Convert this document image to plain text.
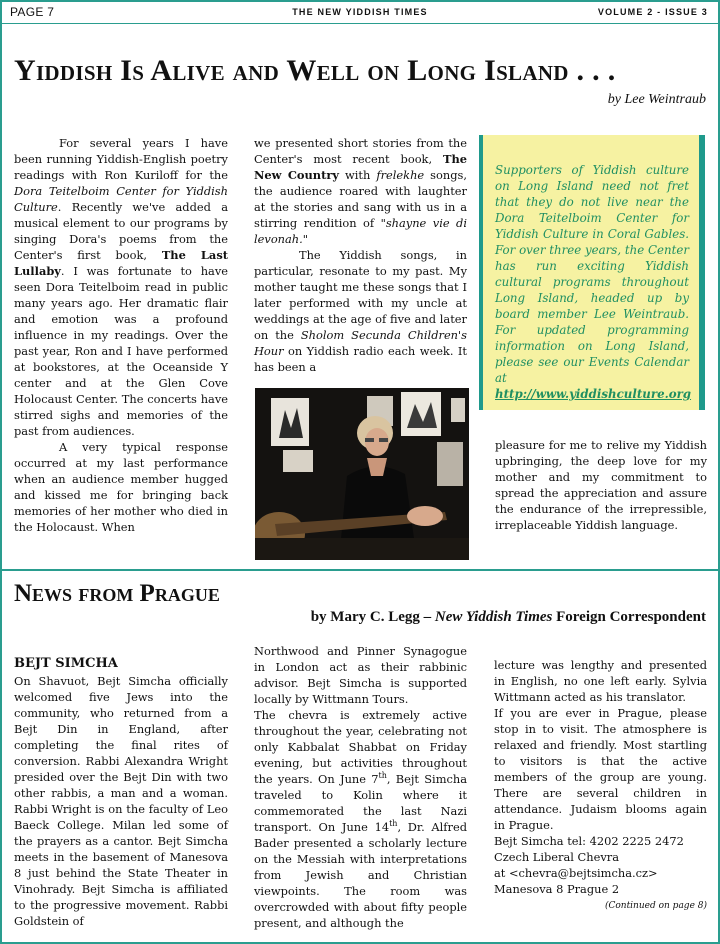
PAGE 7	THE NEW YIDDISH TIMES	VOLUME 2 - ISSUE 3
Yiddish Is Alive and Well on Long Island . . .
by Lee Weintraub

For several years I have been running Yiddish-English poetry readings with Ron Kuriloff for the Dora Teitelboim Center for Yiddish Culture. Recently we've added a musical element to our programs by singing Dora's poems from the Center's first book, The Last Lullaby. I was fortunate to have seen Dora Teitelboim read in public many years ago. Her dramatic flair and emotion was a profound influence in my readings. Over the past year, Ron and I have performed at bookstores, at the Oceanside Y center and at the Glen Cove Holocaust Center. The concerts have stirred sighs and memories of the past from audiences.

A very typical response occurred at my last performance when an audience member hugged and kissed me for bringing back memories of her mother who died in the Holocaust. When

we presented short stories from the Center's most recent book, The New Country with frelekhe songs, the audience roared with laughter at the stories and sang with us in a stirring rendition of "shayne vie di levonah."

The Yiddish songs, in particular, resonate to my past. My mother taught me these songs that I later performed with my uncle at weddings at the age of five and later on the Sholom Secunda Children's Hour on Yiddish radio each week. It has been a

Supporters of Yiddish culture on Long Island need not fret that they do not live near the Dora Teitelboim Center for Yiddish Culture in Coral Gables. For over three years, the Center has run exciting Yiddish cultural programs throughout Long Island, headed up by board member Lee Weintraub. For updated programming information on Long Island, please see our Events Calendar at http://www.yiddishculture.org

pleasure for me to relive my Yiddish upbringing, the deep love for my mother and my commitment to spread the appreciation and assure the endurance of the irrepressible, irreplaceable Yiddish language.

News from Prague
by Mary C. Legg – New Yiddish Times Foreign Correspondent
BEJT SIMCHA

On Shavuot, Bejt Simcha officially welcomed five Jews into the community, who returned from a Bejt Din in England, after completing the final rites of conversion. Rabbi Alexandra Wright presided over the Bejt Din with two other rabbis, a man and a woman. Rabbi Wright is on the faculty of Leo Baeck College. Milan led some of the prayers as a cantor. Bejt Simcha meets in the basement of Manesova 8 just behind the State Theater in Vinohrady. Bejt Simcha is affiliated to the progressive movement. Rabbi Goldstein of

Northwood and Pinner Synagogue in London act as their rabbinic advisor. Bejt Simcha is supported locally by Wittmann Tours.

The chevra is extremely active throughout the year, celebrating not only Kabbalat Shabbat on Friday evening, but activities throughout the years. On June 7th, Bejt Simcha traveled to Kolin where it commemorated the last Nazi transport. On June 14th, Dr. Alfred Bader presented a scholarly lecture on the Messiah with interpretations from Jewish and Christian viewpoints. The room was overcrowded with about fifty people present, and although the

lecture was lengthy and presented in English, no one left early. Sylvia Wittmann acted as his translator.

If you are ever in Prague, please stop in to visit. The atmosphere is relaxed and friendly. Most startling to visitors is that the active members of the group are young. There are several children in attendance. Judaism blooms again in Prague.

Bejt Simcha tel: 4202 2225 2472
Czech Liberal Chevra
at <chevra@bejtsimcha.cz>
Manesova 8 Prague 2
(Continued on page 8)
